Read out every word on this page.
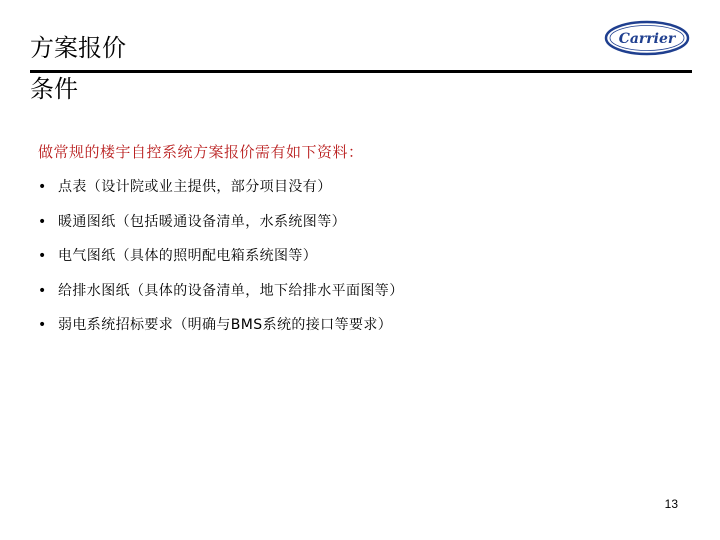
方案报价
条件
Carrier
做常规的楼宇自控系统方案报价需有如下资料：
• 点表（设计院或业主提供，部分项目没有）
• 暖通图纸（包括暖通设备清单，水系统图等）
• 电气图纸（具体的照明配电箱系统图等）
• 给排水图纸（具体的设备清单，地下给排水平面图等）
• 弱电系统招标要求（明确与BMS系统的接口等要求）
13
